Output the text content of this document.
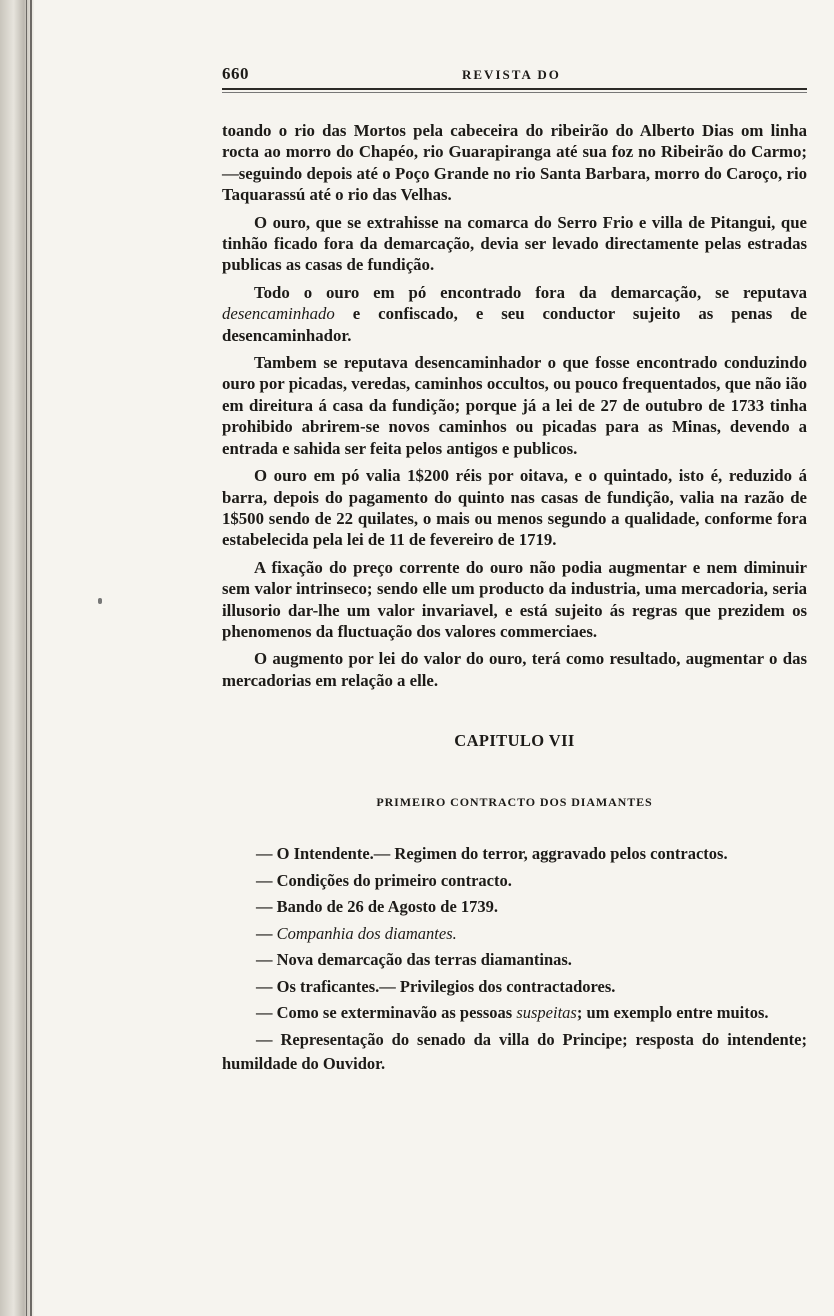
660	REVISTA DO

toando o rio das Mortos pela cabeceira do ribeirão do Alberto Dias om linha rocta ao morro do Chapéo, rio Guarapiranga até sua foz no Ribeirão do Carmo;—seguindo depois até o Poço Grande no rio Santa Barbara, morro do Caroço, rio Taquarassú até o rio das Velhas.

O ouro, que se extrahisse na comarca do Serro Frio e villa de Pitangui, que tinhão ficado fora da demarcação, devia ser levado directamente pelas estradas publicas as casas de fundição.

Todo o ouro em pó encontrado fora da demarcação, se reputava desencaminhado e confiscado, e seu conductor sujeito as penas de desencaminhador.

Tambem se reputava desencaminhador o que fosse encontrado conduzindo ouro por picadas, veredas, caminhos occultos, ou pouco frequentados, que não ião em direitura á casa da fundição; porque já a lei de 27 de outubro de 1733 tinha prohibido abrirem-se novos caminhos ou picadas para as Minas, devendo a entrada e sahida ser feita pelos antigos e publicos.

O ouro em pó valia 1$200 réis por oitava, e o quintado, isto é, reduzido á barra, depois do pagamento do quinto nas casas de fundição, valia na razão de 1$500 sendo de 22 quilates, o mais ou menos segundo a qualidade, conforme fora estabelecida pela lei de 11 de fevereiro de 1719.

A fixação do preço corrente do ouro não podia augmentar e nem diminuir sem valor intrinseco; sendo elle um producto da industria, uma mercadoria, seria illusorio dar-lhe um valor invariavel, e está sujeito ás regras que prezidem os phenomenos da fluctuação dos valores commerciaes.

O augmento por lei do valor do ouro, terá como resultado, augmentar o das mercadorias em relação a elle.

CAPITULO VII
PRIMEIRO CONTRACTO DOS DIAMANTES
— O Intendente.— Regimen do terror, aggravado pelos contractos.
— Condições do primeiro contracto.
— Bando de 26 de Agosto de 1739.
— Companhia dos diamantes.
— Nova demarcação das terras diamantinas.
— Os traficantes.— Privilegios dos contractadores.
— Como se exterminavão as pessoas suspeitas; um exemplo entre muitos.
— Representação do senado da villa do Principe; resposta do intendente; humildade do Ouvidor.
